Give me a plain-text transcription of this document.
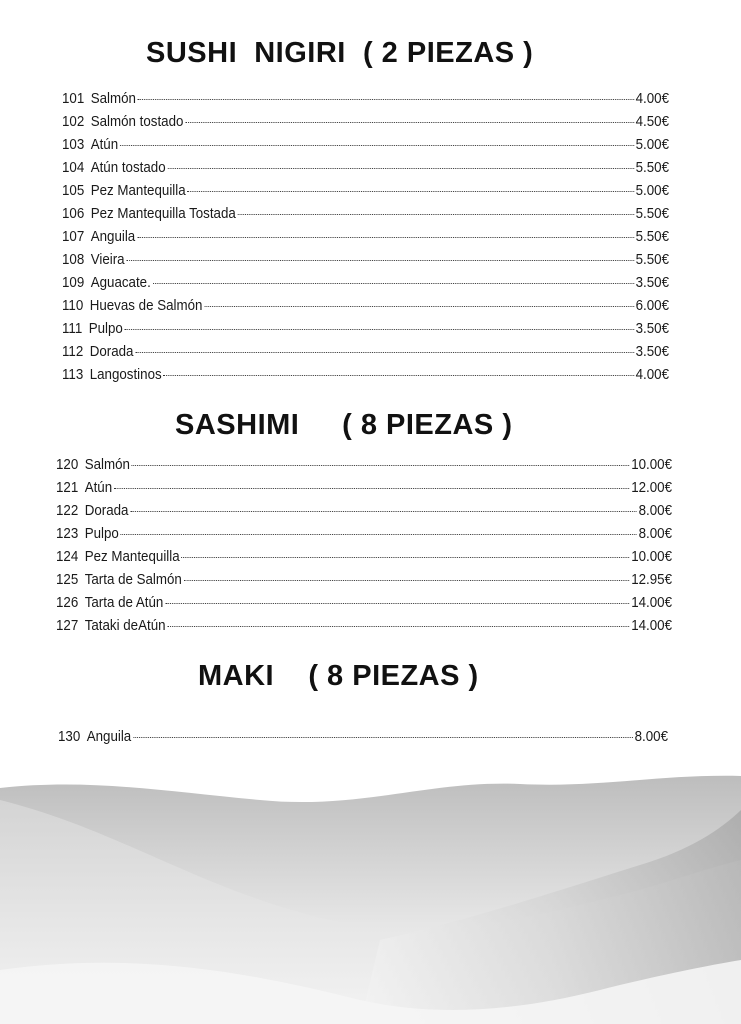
SUSHI  NIGIRI  ( 2 PIEZAS )
101 Salmón	4.00€
102 Salmón tostado	4.50€
103 Atún	5.00€
104 Atún tostado	5.50€
105 Pez Mantequilla	5.00€
106 Pez Mantequilla Tostada	5.50€
107 Anguila	5.50€
108 Vieira	5.50€
109 Aguacate.	3.50€
110 Huevas de Salmón	6.00€
111 Pulpo	3.50€
112 Dorada	3.50€
113 Langostinos	4.00€
SASHIMI     ( 8 PIEZAS )
120 Salmón	10.00€
121 Atún	12.00€
122 Dorada	8.00€
123 Pulpo	8.00€
124 Pez Mantequilla	10.00€
125 Tarta de Salmón	12.95€
126 Tarta de Atún	14.00€
127 Tataki deAtún	14.00€
MAKI    ( 8 PIEZAS )
130 Anguila	8.00€
